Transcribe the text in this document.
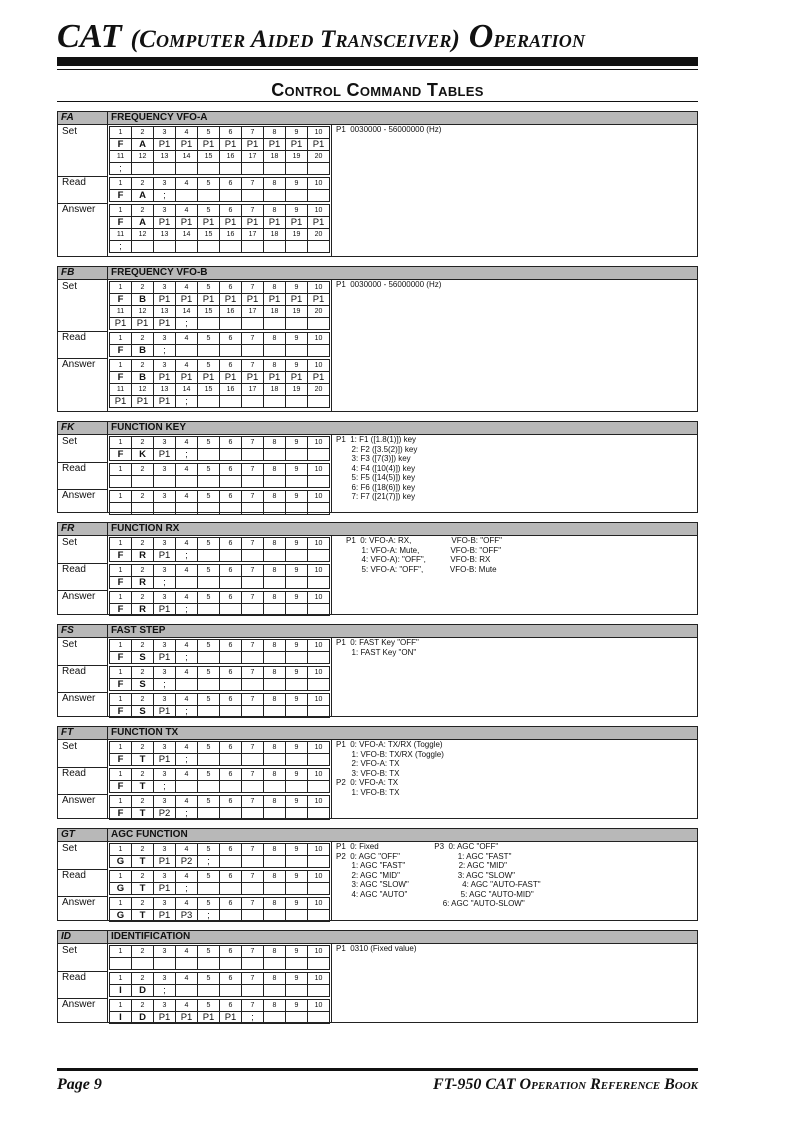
CAT (Computer Aided Transceiver) Operation
Control Command Tables
FA	FREQUENCY VFO-A
Set	1	2	3	4	5	6	7	8	9	10
F	A	P1	P1	P1	P1	P1	P1	P1	P1
11	12	13	14	15	16	17	18	19	20
;									
Read	1	2	3	4	5	6	7	8	9	10
F	A	;							
Answer	1	2	3	4	5	6	7	8	9	10
F	A	P1	P1	P1	P1	P1	P1	P1	P1
11	12	13	14	15	16	17	18	19	20
;									
P1  0030000 - 56000000 (Hz)
FB	FREQUENCY VFO-B
Set	1	2	3	4	5	6	7	8	9	10
F	B	P1	P1	P1	P1	P1	P1	P1	P1
11	12	13	14	15	16	17	18	19	20
P1	P1	P1	;						
Read	1	2	3	4	5	6	7	8	9	10
F	B	;							
Answer	1	2	3	4	5	6	7	8	9	10
F	B	P1	P1	P1	P1	P1	P1	P1	P1
11	12	13	14	15	16	17	18	19	20
P1	P1	P1	;						
P1  0030000 - 56000000 (Hz)
FK	FUNCTION KEY
Set	1	2	3	4	5	6	7	8	9	10
F	K	P1	;						
Read	1	2	3	4	5	6	7	8	9	10

Answer	1	2	3	4	5	6	7	8	9	10

P1  1: F1 ([1.8(1)]) key
2: F2 ([3.5(2)]) key
3: F3 ([7(3)]) key
4: F4 ([10(4)]) key
5: F5 ([14(5)]) key
6: F6 ([18(6)]) key
7: F7 ([21(7)]) key
FR	FUNCTION RX
Set	1	2	3	4	5	6	7	8	9	10
F	R	P1	;						
Read	1	2	3	4	5	6	7	8	9	10
F	R	;							
Answer	1	2	3	4	5	6	7	8	9	10
F	R	P1	;						
P1  0: VFO-A: RX,                  VFO-B: "OFF"
1: VFO-A: Mute,              VFO-B: "OFF"
4: VFO-A): "OFF",           VFO-B: RX
5: VFO-A: "OFF",            VFO-B: Mute
FS	FAST STEP
Set	1	2	3	4	5	6	7	8	9	10
F	S	P1	;						
Read	1	2	3	4	5	6	7	8	9	10
F	S	;							
Answer	1	2	3	4	5	6	7	8	9	10
F	S	P1	;						
P1  0: FAST Key "OFF"
1: FAST Key "ON"
FT	FUNCTION TX
Set	1	2	3	4	5	6	7	8	9	10
F	T	P1	;						
Read	1	2	3	4	5	6	7	8	9	10
F	T	;							
Answer	1	2	3	4	5	6	7	8	9	10
F	T	P2	;						
P1  0: VFO-A: TX/RX (Toggle)
1: VFO-B: TX/RX (Toggle)
2: VFO-A: TX
3: VFO-B: TX
P2  0: VFO-A: TX
1: VFO-B: TX
GT	AGC FUNCTION
Set	1	2	3	4	5	6	7	8	9	10
G	T	P1	P2	;					
Read	1	2	3	4	5	6	7	8	9	10
G	T	P1	;						
Answer	1	2	3	4	5	6	7	8	9	10
G	T	P1	P3	;					
P1  0: Fixed                         P3  0: AGC "OFF"
P2  0: AGC "OFF"                          1: AGC "FAST"
1: AGC "FAST"                        2: AGC "MID"
2: AGC "MID"                          3: AGC "SLOW"
3: AGC "SLOW"                        4: AGC "AUTO-FAST"
4: AGC "AUTO"                        5: AGC "AUTO-MID"
6: AGC "AUTO-SLOW"
ID	IDENTIFICATION
Set	1	2	3	4	5	6	7	8	9	10

Read	1	2	3	4	5	6	7	8	9	10
I	D	;							
Answer	1	2	3	4	5	6	7	8	9	10
I	D	P1	P1	P1	P1	;			
P1  0310 (Fixed value)

Page 9	FT-950 CAT Operation Reference Book
